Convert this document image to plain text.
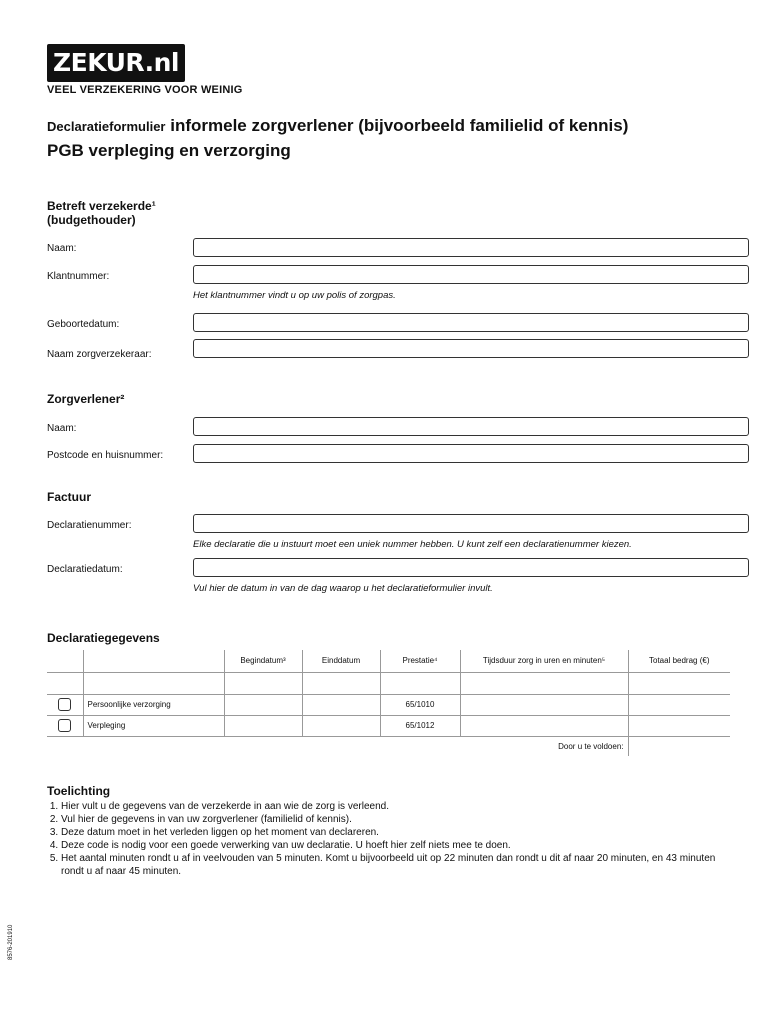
ZEKUR.nl
VEEL VERZEKERING VOOR WEINIG
Declaratieformulier informele zorgverlener (bijvoorbeeld familielid of kennis)
PGB verpleging en verzorging
Betreft verzekerde¹
(budgethouder)
Naam:
Klantnummer:
Het klantnummer vindt u op uw polis of zorgpas.
Geboortedatum:
Naam zorgverzekeraar:
Zorgverlener²
Naam:
Postcode en huisnummer:
Factuur
Declaratienummer:
Elke declaratie die u instuurt moet een uniek nummer hebben. U kunt zelf een declaratienummer kiezen.
Declaratiedatum:
Vul hier de datum in van de dag waarop u het declaratieformulier invult.
Declaratiegegevens
		Begindatum³	Einddatum	Prestatie⁴	Tijdsduur zorg in uren en minuten⁵	Totaal bedrag (€)

	Persoonlijke verzorging			65/1010		
	Verpleging			65/1012		
					Door u te voldoen:	
Toelichting
1. Hier vult u de gegevens van de verzekerde in aan wie de zorg is verleend.
2. Vul hier de gegevens in van uw zorgverlener (familielid of kennis).
3. Deze datum moet in het verleden liggen op het moment van declareren.
4. Deze code is nodig voor een goede verwerking van uw declaratie. U hoeft hier zelf niets mee te doen.
5. Het aantal minuten rondt u af in veelvouden van 5 minuten. Komt u bijvoorbeeld uit op 22 minuten dan rondt u dit af naar 20 minuten, en 43 minuten rondt u af naar 45 minuten.
8576-201910
